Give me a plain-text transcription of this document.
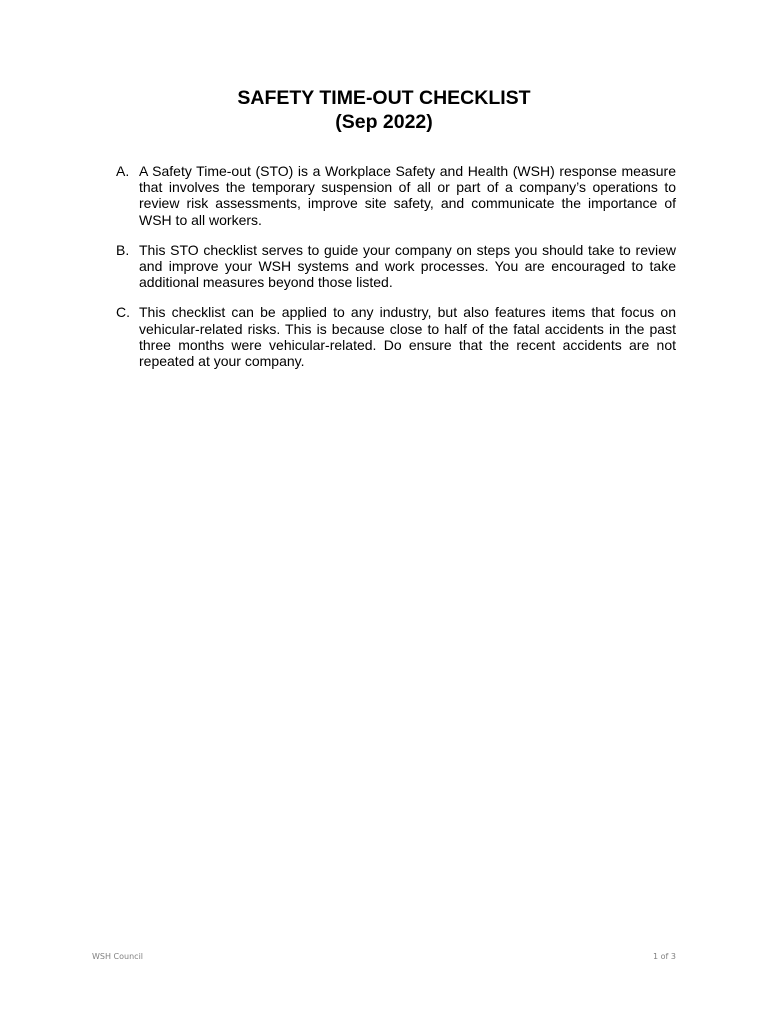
SAFETY TIME-OUT CHECKLIST

(Sep 2022)

A. A Safety Time-out (STO) is a Workplace Safety and Health (WSH) response measure that involves the temporary suspension of all or part of a company’s operations to review risk assessments, improve site safety, and communicate the importance of WSH to all workers.
B. This STO checklist serves to guide your company on steps you should take to review and improve your WSH systems and work processes. You are encouraged to take additional measures beyond those listed.
C. This checklist can be applied to any industry, but also features items that focus on vehicular-related risks. This is because close to half of the fatal accidents in the past three months were vehicular-related. Do ensure that the recent accidents are not repeated at your company.
WSH Council	1 of 3
